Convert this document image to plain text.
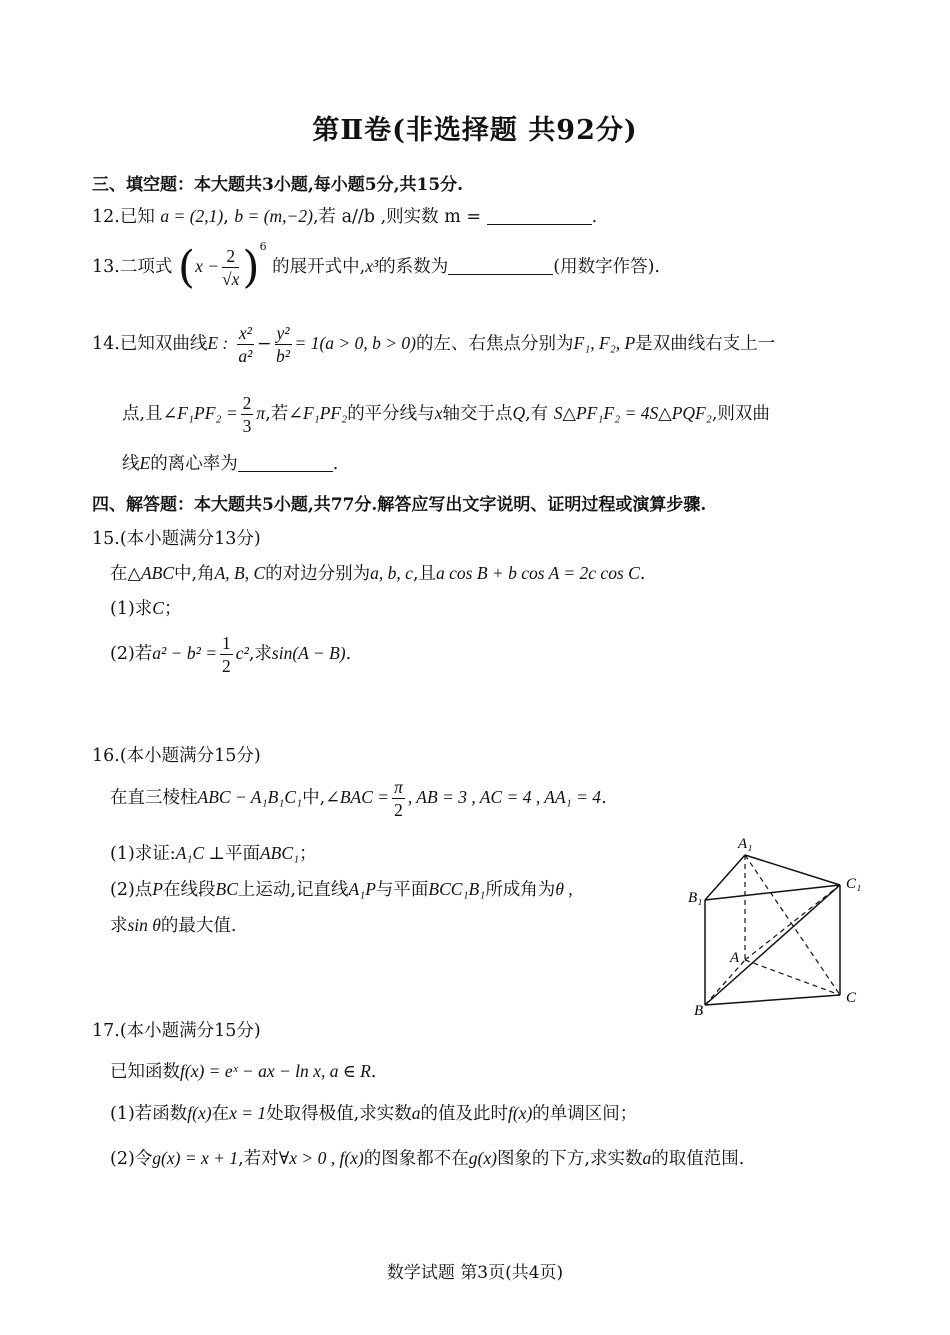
第Ⅱ卷(非选择题 共92分)
三、填空题：本大题共3小题,每小题5分,共15分.
12.已知 a = (2,1), b = (m,−2),若 a//b ,则实数 m =	.
13.二项式 $(x - \frac{2}{√x} )^6$ 的展开式中,x³的系数为	(用数字作答).
14.已知双曲线E : $\frac{\text{x²}}{\text{a²}} - \frac{\text{y²}}{\text{b²}} = 1(a > 0$, b > 0)的左、右焦点分别为F₁, F₂, P是双曲线右支上一
点,且∠F₁PF₂ = $\frac{2}{3} \pi$,若∠F₁PF₂的平分线与x轴交于点Q,有 S△PF₁F₂ = 4S△PQF₂,则双曲
线E的离心率为	.
四、解答题：本大题共5小题,共77分.解答应写出文字说明、证明过程或演算步骤.
15.(本小题满分13分)
在△ABC中,角A, B, C的对边分别为a, b, c,且a cos B + b cos A = 2c cos C.
(1)求C；
(2)若$a^2 - b^2 = \frac{1}{2} c^2$,求sin(A − B).
16.(本小题满分15分)
在直三棱柱ABC − A₁B₁C₁中,∠BAC = $\frac{\pi}{2}$ , AB = 3 , AC = 4 , AA₁ = 4.
(1)求证:A₁C ⊥平面ABC₁；
(2)点P在线段BC上运动,记直线A₁P与平面BCC₁B₁所成角为θ ,
求sin θ的最大值.
A₁
B₁
C₁
A
B
C
17.(本小题满分15分)
已知函数f(x) = eˣ − ax − ln x, a ∈ R.
(1)若函数f(x)在x = 1处取得极值,求实数a的值及此时f(x)的单调区间；
(2)令g(x) = x + 1,若对∀x > 0 , f(x)的图象都不在g(x)图象的下方,求实数a的取值范围.
数学试题 第3页(共4页)
